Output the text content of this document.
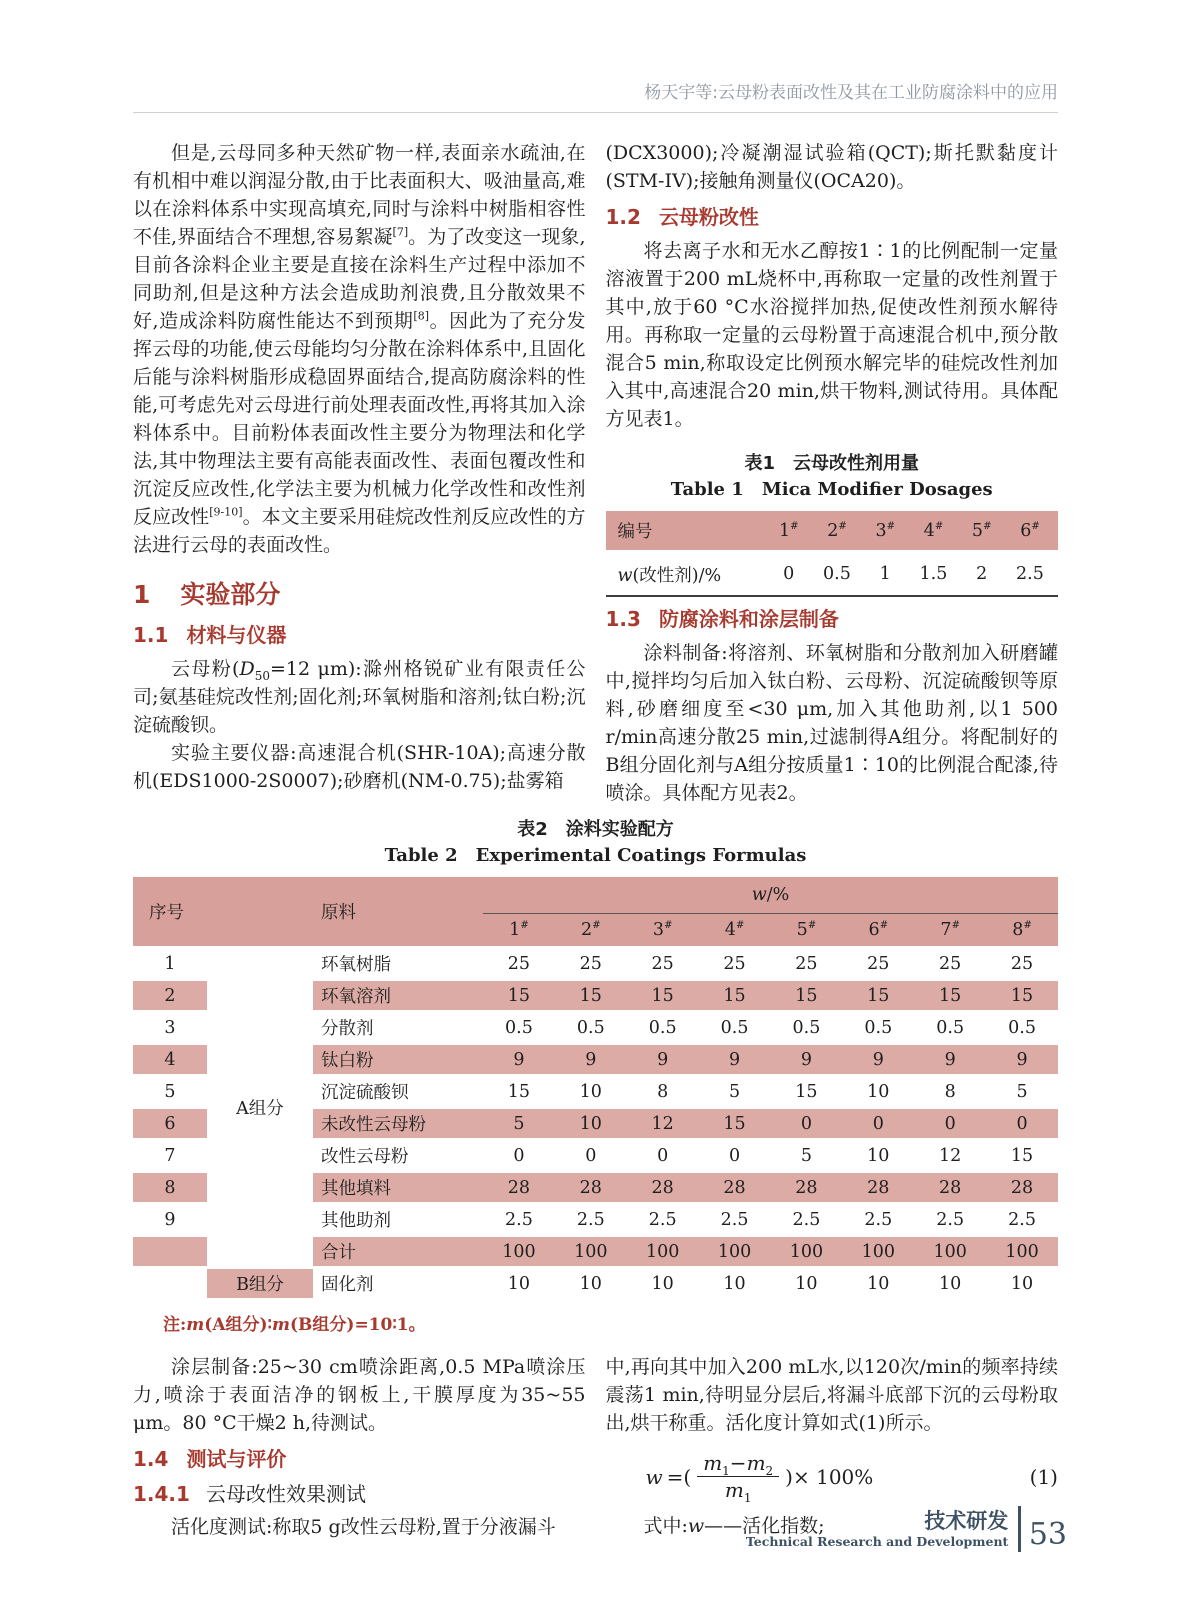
杨天宇等:云母粉表面改性及其在工业防腐涂料中的应用

但是,云母同多种天然矿物一样,表面亲水疏油,在有机相中难以润湿分散,由于比表面积大、吸油量高,难以在涂料体系中实现高填充,同时与涂料中树脂相容性不佳,界面结合不理想,容易絮凝[7]。为了改变这一现象,目前各涂料企业主要是直接在涂料生产过程中添加不同助剂,但是这种方法会造成助剂浪费,且分散效果不好,造成涂料防腐性能达不到预期[8]。因此为了充分发挥云母的功能,使云母能均匀分散在涂料体系中,且固化后能与涂料树脂形成稳固界面结合,提高防腐涂料的性能,可考虑先对云母进行前处理表面改性,再将其加入涂料体系中。目前粉体表面改性主要分为物理法和化学法,其中物理法主要有高能表面改性、表面包覆改性和沉淀反应改性,化学法主要为机械力化学改性和改性剂反应改性[9-10]。本文主要采用硅烷改性剂反应改性的方法进行云母的表面改性。

1 实验部分
1.1 材料与仪器

云母粉($D_{50}=12$ μm):滁州格锐矿业有限责任公司;氨基硅烷改性剂;固化剂;环氧树脂和溶剂;钛白粉;沉淀硫酸钡。

实验主要仪器:高速混合机(SHR-10A);高速分散机(EDS1000-2S0007);砂磨机(NM-0.75);盐雾箱

(DCX3000);冷凝潮湿试验箱(QCT);斯托默黏度计(STM-IV);接触角测量仪(OCA20)。

1.2 云母粉改性

将去离子水和无水乙醇按1∶1的比例配制一定量溶液置于200 mL烧杯中,再称取一定量的改性剂置于其中,放于60 °C水浴搅拌加热,促使改性剂预水解待用。再称取一定量的云母粉置于高速混合机中,预分散混合5 min,称取设定比例预水解完毕的硅烷改性剂加入其中,高速混合20 min,烘干物料,测试待用。具体配方见表1。

表1 云母改性剂用量
Table 1 Mica Modifier Dosages
编号	1#	2#	3#	4#	5#	6#
w(改性剂)/%	0	0.5	1	1.5	2	2.5
1.3 防腐涂料和涂层制备

涂料制备:将溶剂、环氧树脂和分散剂加入研磨罐中,搅拌均匀后加入钛白粉、云母粉、沉淀硫酸钡等原料,砂磨细度至<30 μm,加入其他助剂,以1 500 r/min高速分散25 min,过滤制得A组分。将配制好的B组分固化剂与A组分按质量1∶10的比例混合配漆,待喷涂。具体配方见表2。

表2 涂料实验配方
Table 2 Experimental Coatings Formulas
序号		原料	w/%							
			1#	2#	3#	4#	5#	6#	7#	8#
1	A组分	环氧树脂	25	25	25	25	25	25	25	25
2		环氧溶剂	15	15	15	15	15	15	15	15
3		分散剂	0.5	0.5	0.5	0.5	0.5	0.5	0.5	0.5
4		钛白粉	9	9	9	9	9	9	9	9
5		沉淀硫酸钡	15	10	8	5	15	10	8	5
6		未改性云母粉	5	10	12	15	0	0	0	0
7		改性云母粉	0	0	0	0	5	10	12	15
8		其他填料	28	28	28	28	28	28	28	28
9		其他助剂	2.5	2.5	2.5	2.5	2.5	2.5	2.5	2.5
		合计	100	100	100	100	100	100	100	100
	B组分	固化剂	10	10	10	10	10	10	10	10

注:m(A组分)∶m(B组分)=10∶1。

涂层制备:25~30 cm喷涂距离,0.5 MPa喷涂压力,喷涂于表面洁净的钢板上,干膜厚度为35~55 μm。80 °C干燥2 h,待测试。

1.4 测试与评价
1.4.1 云母改性效果测试

活化度测试:称取5 g改性云母粉,置于分液漏斗

中,再向其中加入200 mL水,以120次/min的频率持续震荡1 min,待明显分层后,将漏斗底部下沉的云母粉取出,烘干称重。活化度计算如式(1)所示。

w =( $\frac{m_1-m_2}{m_1}$ )× 100%	(1)

式中:w——活化指数;	技术研发
Technical Research and Development 53
